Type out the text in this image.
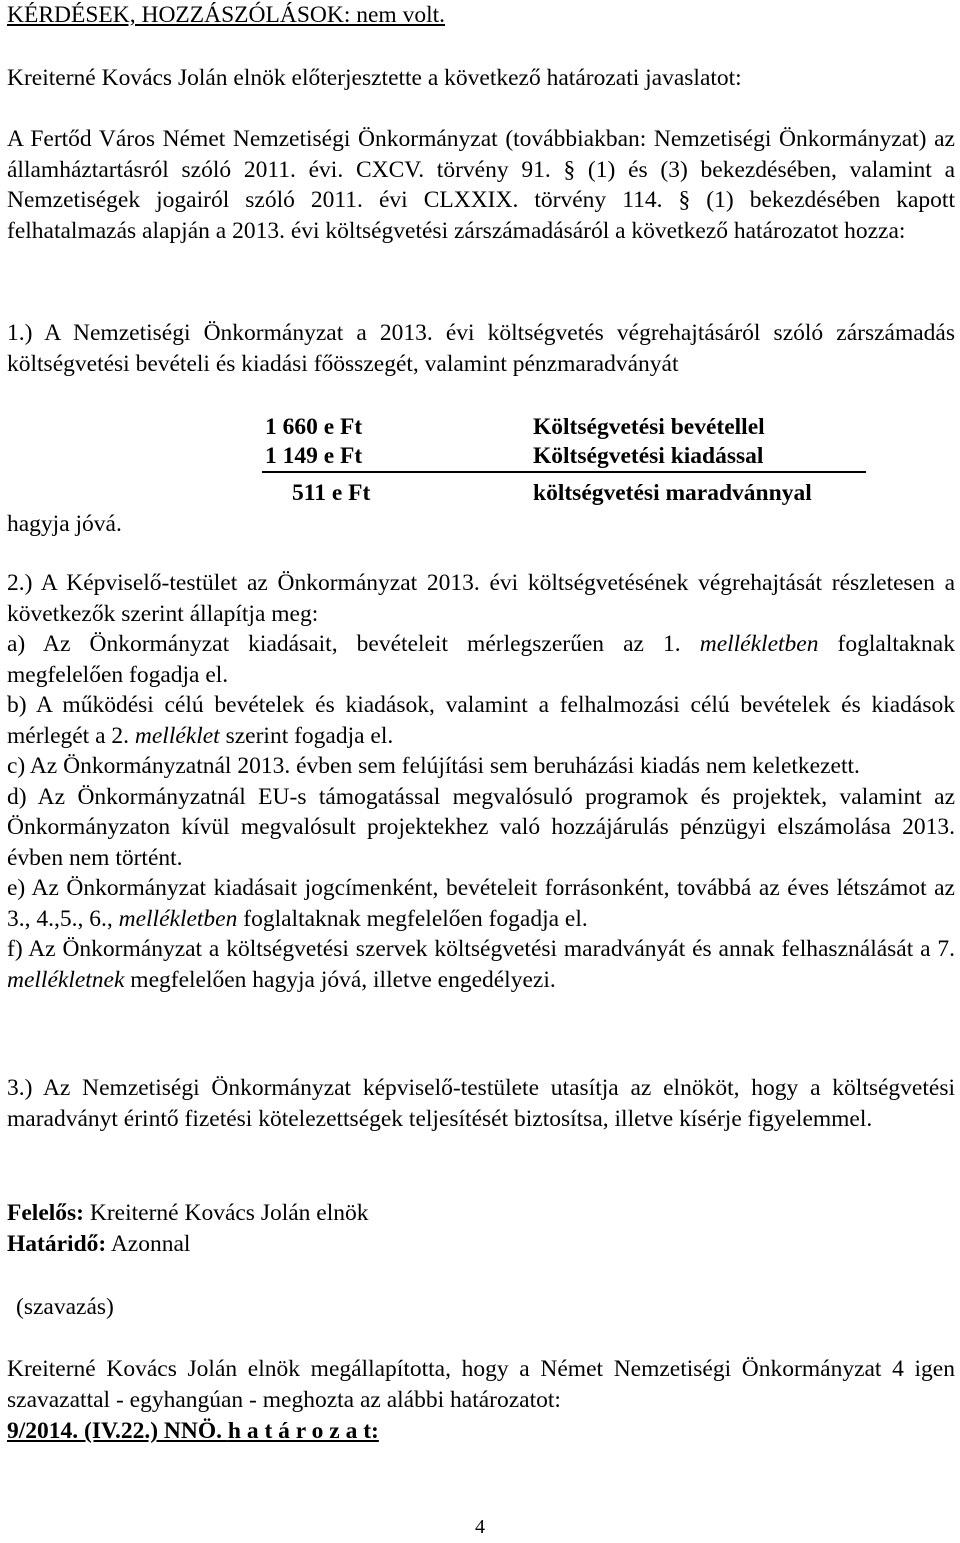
KÉRDÉSEK, HOZZÁSZÓLÁSOK: nem volt.
Kreiterné Kovács Jolán elnök előterjesztette a következő határozati javaslatot:
A Fertőd Város Német Nemzetiségi Önkormányzat (továbbiakban: Nemzetiségi Önkormányzat) az államháztartásról szóló 2011. évi. CXCV. törvény 91. § (1) és (3) bekezdésében, valamint a Nemzetiségek jogairól szóló 2011. évi CLXXIX. törvény 114. § (1) bekezdésében kapott felhatalmazás alapján a 2013. évi költségvetési zárszámadásáról a következő határozatot hozza:
1.) A Nemzetiségi Önkormányzat a 2013. évi költségvetés végrehajtásáról szóló zárszámadás költségvetési bevételi és kiadási főösszegét, valamint pénzmaradványát
1 660 e Ft	Költségvetési bevétellel
1 149 e Ft	Költségvetési kiadással
511 e Ft	költségvetési maradvánnyal
hagyja jóvá.
2.) A Képviselő-testület az Önkormányzat 2013. évi költségvetésének végrehajtását részletesen a következők szerint állapítja meg:
a) Az Önkormányzat kiadásait, bevételeit mérlegszerűen az 1. mellékletben foglaltaknak megfelelően fogadja el.
b) A működési célú bevételek és kiadások, valamint a felhalmozási célú bevételek és kiadások mérlegét a 2. melléklet szerint fogadja el.
c) Az Önkormányzatnál 2013. évben sem felújítási sem beruházási kiadás nem keletkezett.
d) Az Önkormányzatnál EU-s támogatással megvalósuló programok és projektek, valamint az Önkormányzaton kívül megvalósult projektekhez való hozzájárulás pénzügyi elszámolása 2013. évben nem történt.
e) Az Önkormányzat kiadásait jogcímenként, bevételeit forrásonként, továbbá az éves létszámot az 3., 4.,5., 6., mellékletben foglaltaknak megfelelően fogadja el.
f) Az Önkormányzat a költségvetési szervek költségvetési maradványát és annak felhasználását a 7. mellékletnek megfelelően hagyja jóvá, illetve engedélyezi.
3.) Az Nemzetiségi Önkormányzat képviselő-testülete utasítja az elnököt, hogy a költségvetési maradványt érintő fizetési kötelezettségek teljesítését biztosítsa, illetve kísérje figyelemmel.
Felelős: Kreiterné Kovács Jolán elnök
Határidő: Azonnal
(szavazás)
Kreiterné Kovács Jolán elnök megállapította, hogy a Német Nemzetiségi Önkormányzat 4 igen szavazattal - egyhangúan - meghozta az alábbi határozatot:
9/2014. (IV.22.) NNÖ. h a t á r o z a t:
4
